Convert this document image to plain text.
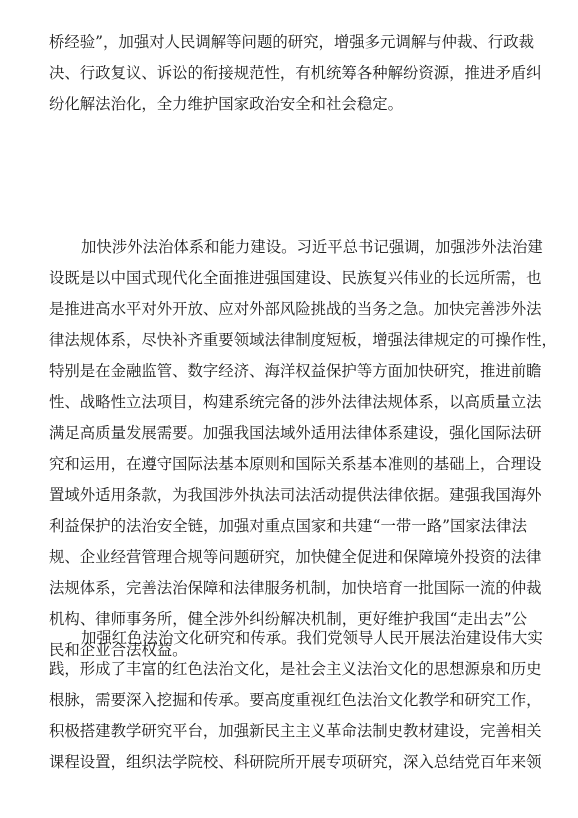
桥经验”，加强对人民调解等问题的研究，增强多元调解与仲裁、行政裁
决、行政复议、诉讼的衔接规范性，有机统筹各种解纷资源，推进矛盾纠
纷化解法治化，全力维护国家政治安全和社会稳定。
加快涉外法治体系和能力建设。习近平总书记强调，加强涉外法治建
设既是以中国式现代化全面推进强国建设、民族复兴伟业的长远所需，也
是推进高水平对外开放、应对外部风险挑战的当务之急。加快完善涉外法
律法规体系，尽快补齐重要领域法律制度短板，增强法律规定的可操作性，
特别是在金融监管、数字经济、海洋权益保护等方面加快研究，推进前瞻
性、战略性立法项目，构建系统完备的涉外法律法规体系，以高质量立法
满足高质量发展需要。加强我国法域外适用法律体系建设，强化国际法研
究和运用，在遵守国际法基本原则和国际关系基本准则的基础上，合理设
置域外适用条款，为我国涉外执法司法活动提供法律依据。建强我国海外
利益保护的法治安全链，加强对重点国家和共建“一带一路”国家法律法
规、企业经营管理合规等问题研究，加快健全促进和保障境外投资的法律
法规体系，完善法治保障和法律服务机制，加快培育一批国际一流的仲裁
机构、律师事务所，健全涉外纠纷解决机制，更好维护我国“走出去”公
民和企业合法权益。
加强红色法治文化研究和传承。我们党领导人民开展法治建设伟大实
践，形成了丰富的红色法治文化，是社会主义法治文化的思想源泉和历史
根脉，需要深入挖掘和传承。要高度重视红色法治文化教学和研究工作，
积极搭建教学研究平台，加强新民主主义革命法制史教材建设，完善相关
课程设置，组织法学院校、科研院所开展专项研究，深入总结党百年来领
